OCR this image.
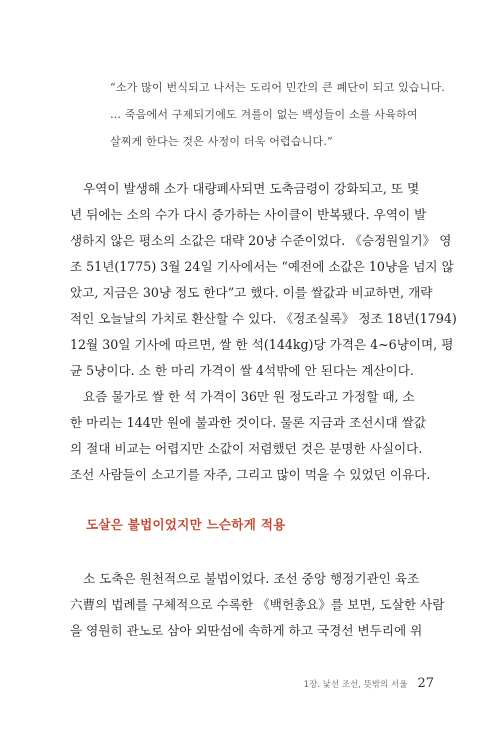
“소가 많이 번식되고 나서는 도리어 민간의 큰 폐단이 되고 있습니다.
… 죽음에서 구제되기에도 겨를이 없는 백성들이 소를 사육하여
살찌게 한다는 것은 사정이 더욱 어렵습니다.”
우역이 발생해 소가 대량폐사되면 도축금령이 강화되고, 또 몇
년 뒤에는 소의 수가 다시 증가하는 사이클이 반복됐다. 우역이 발
생하지 않은 평소의 소값은 대략 20냥 수준이었다. 《승정원일기》 영
조 51년(1775) 3월 24일 기사에서는 “예전에 소값은 10냥을 넘지 않
았고, 지금은 30냥 정도 한다”고 했다. 이를 쌀값과 비교하면, 개략
적인 오늘날의 가치로 환산할 수 있다. 《정조실록》 정조 18년(1794)
12월 30일 기사에 따르면, 쌀 한 석(144kg)당 가격은 4~6냥이며, 평
균 5냥이다. 소 한 마리 가격이 쌀 4석밖에 안 된다는 계산이다.
요즘 물가로 쌀 한 석 가격이 36만 원 정도라고 가정할 때, 소
한 마리는 144만 원에 불과한 것이다. 물론 지금과 조선시대 쌀값
의 절대 비교는 어렵지만 소값이 저렴했던 것은 분명한 사실이다.
조선 사람들이 소고기를 자주, 그리고 많이 먹을 수 있었던 이유다.
도살은 불법이었지만 느슨하게 적용
소 도축은 원천적으로 불법이었다. 조선 중앙 행정기관인 육조
六曹의 법례를 구체적으로 수록한 《백헌총요》를 보면, 도살한 사람
을 영원히 관노로 삼아 외딴섬에 속하게 하고 국경선 변두리에 위
1장. 낯선 조선, 뜻밖의 서울 27
